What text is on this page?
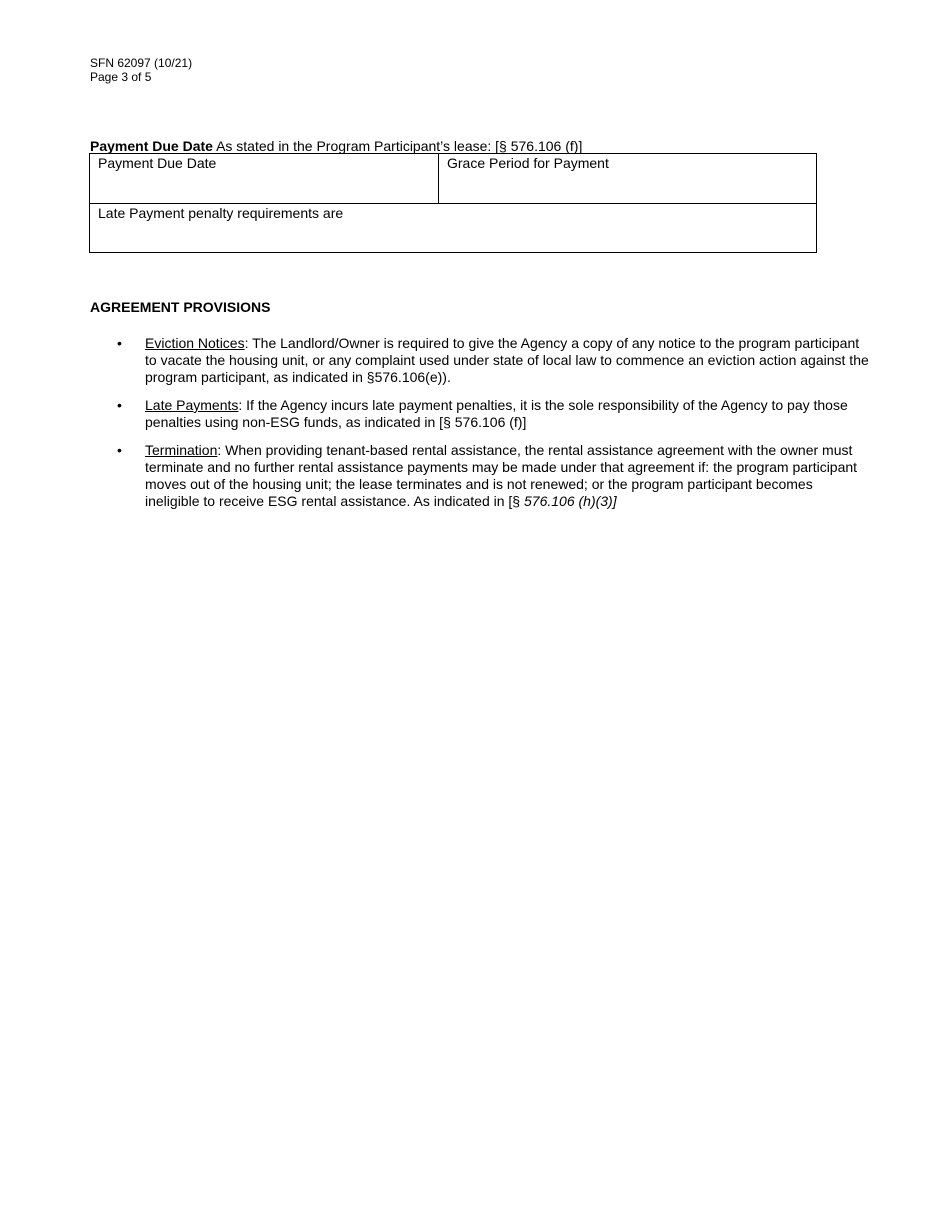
SFN 62097 (10/21)
Page 3 of 5
Payment Due Date As stated in the Program Participant’s lease: [§ 576.106 (f)]
Payment Due Date	Grace Period for Payment
Late Payment penalty requirements are
AGREEMENT PROVISIONS
• Eviction Notices: The Landlord/Owner is required to give the Agency a copy of any notice to the program participant to vacate the housing unit, or any complaint used under state of local law to commence an eviction action against the program participant, as indicated in §576.106(e)).
• Late Payments: If the Agency incurs late payment penalties, it is the sole responsibility of the Agency to pay those penalties using non-ESG funds, as indicated in [§ 576.106 (f)]
• Termination: When providing tenant-based rental assistance, the rental assistance agreement with the owner must terminate and no further rental assistance payments may be made under that agreement if: the program participant moves out of the housing unit; the lease terminates and is not renewed; or the program participant becomes ineligible to receive ESG rental assistance. As indicated in [§ 576.106 (h)(3)]
